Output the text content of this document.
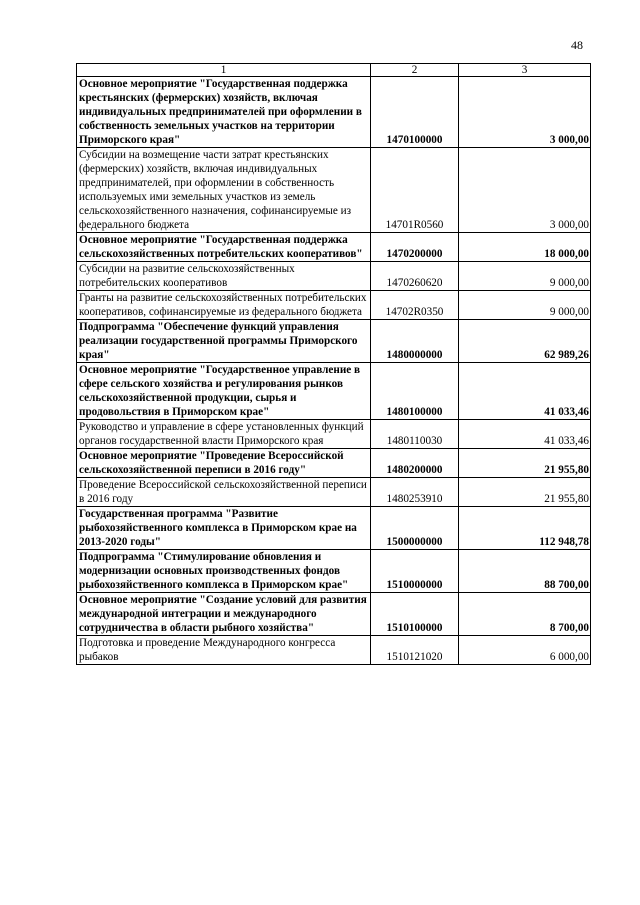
48
1	2	3
Основное мероприятие "Государственная поддержка крестьянских (фермерских) хозяйств, включая индивидуальных предпринимателей при оформлении в собственность земельных участков на территории Приморского края"	1470100000	3 000,00
Субсидии на возмещение части затрат крестьянских (фермерских) хозяйств, включая индивидуальных предпринимателей, при оформлении в собственность используемых ими земельных участков из земель сельскохозяйственного назначения, софинансируемые из федерального бюджета	14701R0560	3 000,00
Основное мероприятие "Государственная поддержка сельскохозяйственных потребительских кооперативов"	1470200000	18 000,00
Субсидии на развитие сельскохозяйственных потребительских кооперативов	1470260620	9 000,00
Гранты на развитие сельскохозяйственных потребительских кооперативов, софинансируемые из федерального бюджета	14702R0350	9 000,00
Подпрограмма "Обеспечение функций управления реализации государственной программы Приморского края"	1480000000	62 989,26
Основное мероприятие "Государственное управление в сфере сельского хозяйства и регулирования рынков сельскохозяйственной продукции, сырья и продовольствия в Приморском крае"	1480100000	41 033,46
Руководство и управление в сфере установленных функций органов государственной власти Приморского края	1480110030	41 033,46
Основное мероприятие "Проведение Всероссийской сельскохозяйственной переписи в 2016 году"	1480200000	21 955,80
Проведение Всероссийской сельскохозяйственной переписи в 2016 году	1480253910	21 955,80
Государственная программа "Развитие рыбохозяйственного комплекса в Приморском крае на 2013-2020 годы"	1500000000	112 948,78
Подпрограмма "Стимулирование обновления и модернизации основных производственных фондов рыбохозяйственного комплекса в Приморском крае"	1510000000	88 700,00
Основное мероприятие "Создание условий для развития международной интеграции и международного сотрудничества в области рыбного хозяйства"	1510100000	8 700,00
Подготовка и проведение Международного конгресса рыбаков	1510121020	6 000,00
